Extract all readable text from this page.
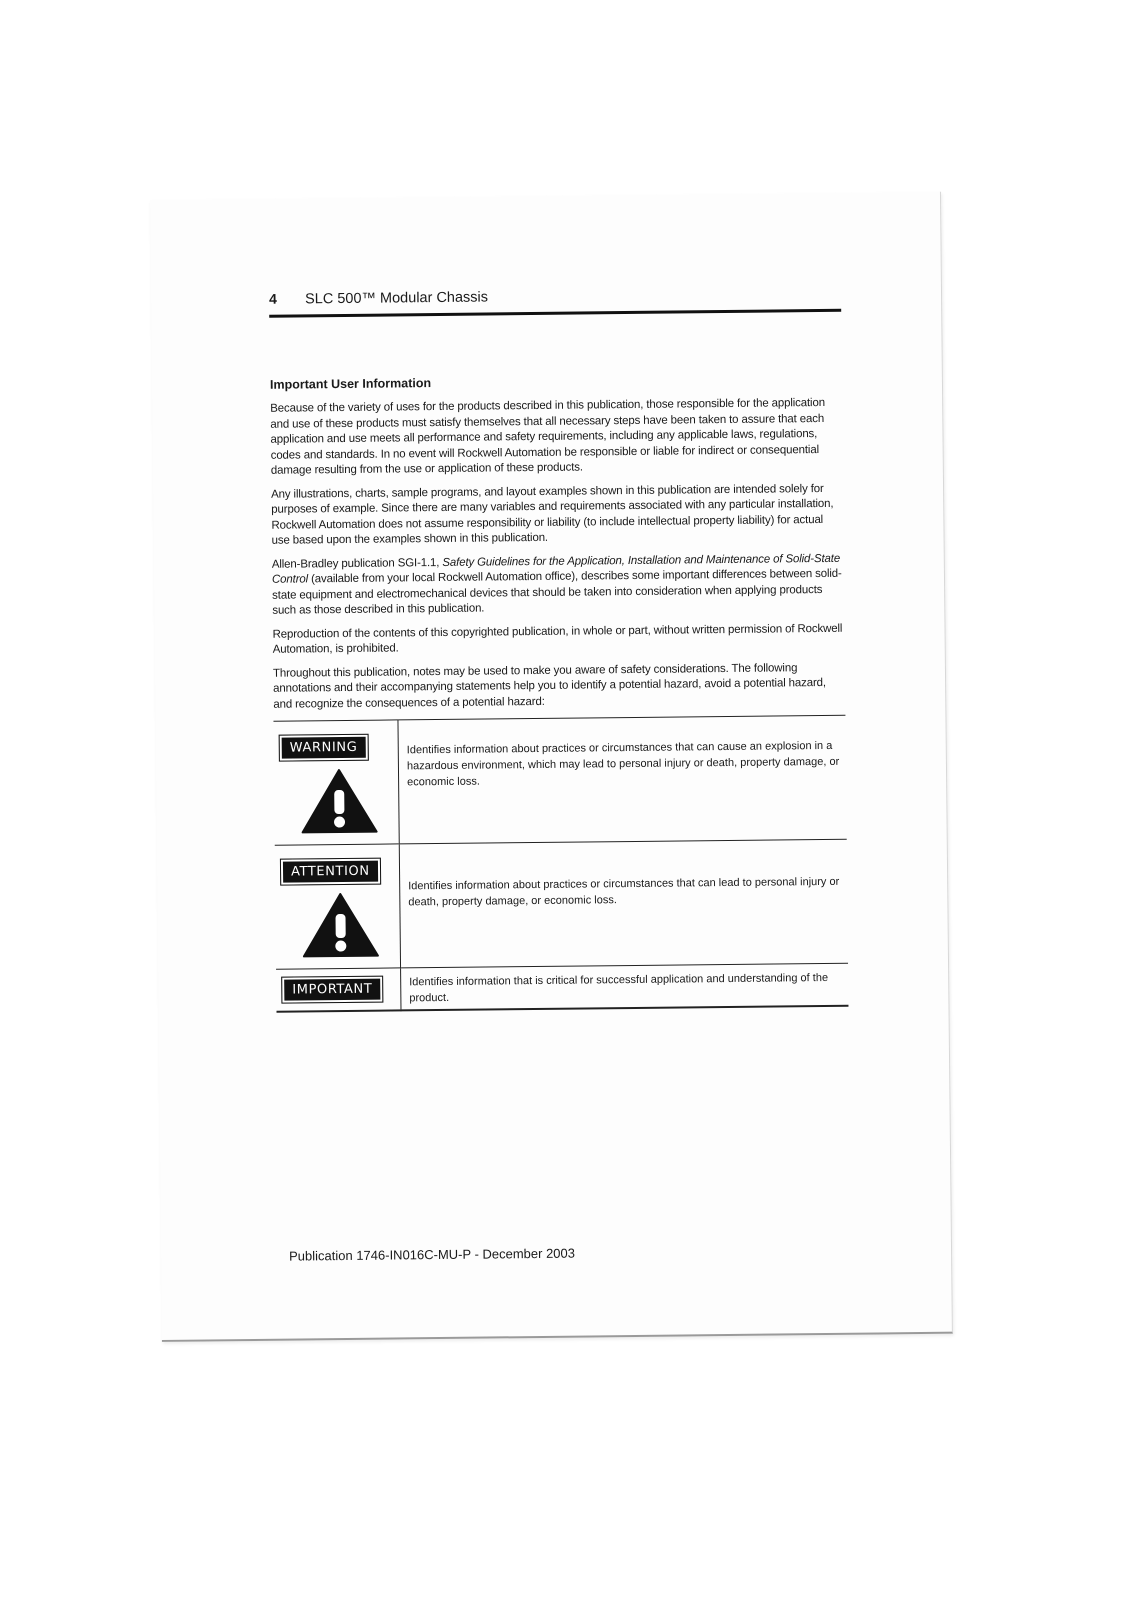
4	SLC 500™ Modular Chassis
Important User Information

Because of the variety of uses for the products described in this publication, those responsible for the application and use of these products must satisfy themselves that all necessary steps have been taken to assure that each application and use meets all performance and safety requirements, including any applicable laws, regulations, codes and standards. In no event will Rockwell Automation be responsible or liable for indirect or consequential damage resulting from the use or application of these products.

Any illustrations, charts, sample programs, and layout examples shown in this publication are intended solely for purposes of example. Since there are many variables and requirements associated with any particular installation, Rockwell Automation does not assume responsibility or liability (to include intellectual property liability) for actual use based upon the examples shown in this publication.

Allen-Bradley publication SGI-1.1, Safety Guidelines for the Application, Installation and Maintenance of Solid-State Control (available from your local Rockwell Automation office), describes some important differences between solid-state equipment and electromechanical devices that should be taken into consideration when applying products such as those described in this publication.

Reproduction of the contents of this copyrighted publication, in whole or part, without written permission of Rockwell Automation, is prohibited.

Throughout this publication, notes may be used to make you aware of safety considerations. The following annotations and their accompanying statements help you to identify a potential hazard, avoid a potential hazard, and recognize the consequences of a potential hazard:

WARNING	Identifies information about practices or circumstances that can cause an explosion in a hazardous environment, which may lead to personal injury or death, property damage, or economic loss.
ATTENTION	Identifies information about practices or circumstances that can lead to personal injury or death, property damage, or economic loss.
IMPORTANT	Identifies information that is critical for successful application and understanding of the product.
Publication 1746-IN016C-MU-P - December 2003
